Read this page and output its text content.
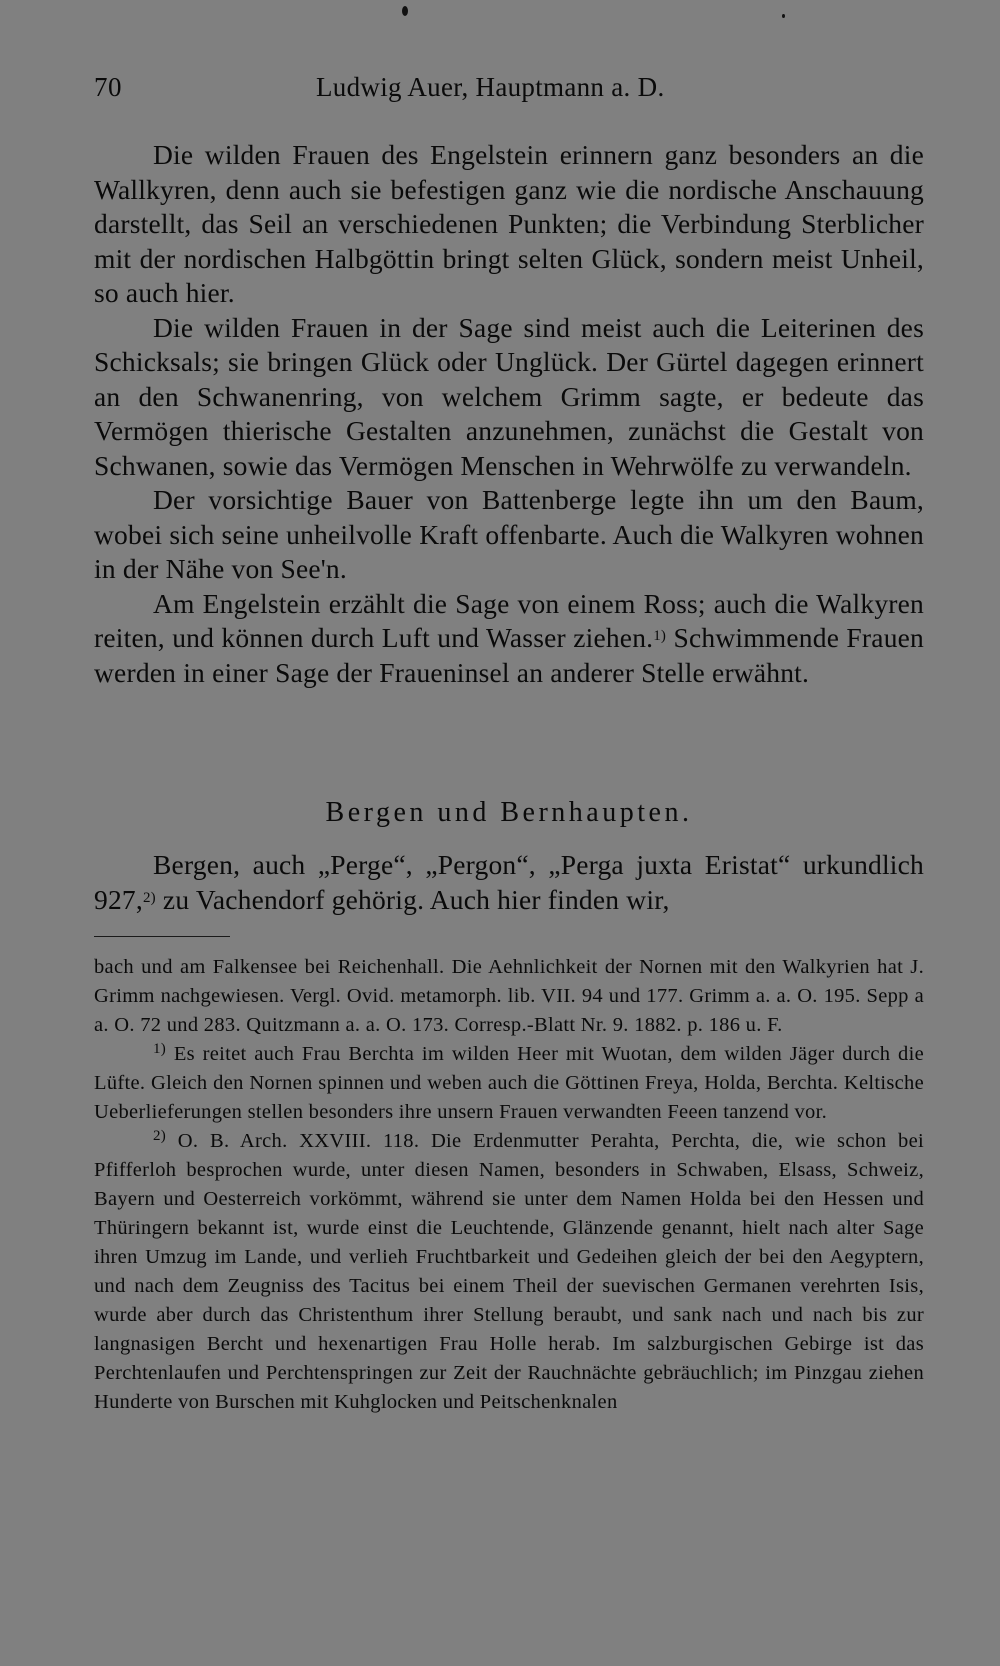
70	Ludwig Auer, Hauptmann a. D.

Die wilden Frauen des Engelstein erinnern ganz besonders an die Wallkyren, denn auch sie befestigen ganz wie die nordische Anschauung darstellt, das Seil an verschiedenen Punkten; die Verbindung Sterblicher mit der nordischen Halbgöttin bringt selten Glück, sondern meist Unheil, so auch hier.

Die wilden Frauen in der Sage sind meist auch die Leiterinen des Schicksals; sie bringen Glück oder Unglück. Der Gürtel dagegen erinnert an den Schwanenring, von welchem Grimm sagte, er bedeute das Vermögen thierische Gestalten anzunehmen, zunächst die Gestalt von Schwanen, sowie das Vermögen Menschen in Wehrwölfe zu verwandeln.

Der vorsichtige Bauer von Battenberge legte ihn um den Baum, wobei sich seine unheilvolle Kraft offenbarte. Auch die Walkyren wohnen in der Nähe von See'n.

Am Engelstein erzählt die Sage von einem Ross; auch die Walkyren reiten, und können durch Luft und Wasser ziehen.$^{1)}$ Schwimmende Frauen werden in einer Sage der Fraueninsel an anderer Stelle erwähnt.

Bergen und Bernhaupten.

Bergen, auch „Perge“, „Pergon“, „Perga juxta Eristat“ urkundlich 927,$^{2)}$ zu Vachendorf gehörig. Auch hier finden wir,

bach und am Falkensee bei Reichenhall. Die Aehnlichkeit der Nornen mit den Walkyrien hat J. Grimm nachgewiesen. Vergl. Ovid. metamorph. lib. VII. 94 und 177. Grimm a. a. O. 195. Sepp a a. O. 72 und 283. Quitzmann a. a. O. 173. Corresp.-Blatt Nr. 9. 1882. p. 186 u. F.

$^{1)}$ Es reitet auch Frau Berchta im wilden Heer mit Wuotan, dem wilden Jäger durch die Lüfte. Gleich den Nornen spinnen und weben auch die Göttinen Freya, Holda, Berchta. Keltische Ueberlieferungen stellen besonders ihre unsern Frauen verwandten Feeen tanzend vor.

$^{2)}$ O. B. Arch. XXVIII. 118. Die Erdenmutter Perahta, Perchta, die, wie schon bei Pfifferloh besprochen wurde, unter diesen Namen, besonders in Schwaben, Elsass, Schweiz, Bayern und Oesterreich vorkömmt, während sie unter dem Namen Holda bei den Hessen und Thüringern bekannt ist, wurde einst die Leuchtende, Glänzende genannt, hielt nach alter Sage ihren Umzug im Lande, und verlieh Fruchtbarkeit und Gedeihen gleich der bei den Aegyptern, und nach dem Zeugniss des Tacitus bei einem Theil der suevischen Germanen verehrten Isis, wurde aber durch das Christenthum ihrer Stellung beraubt, und sank nach und nach bis zur langnasigen Bercht und hexenartigen Frau Holle herab. Im salzburgischen Gebirge ist das Perchtenlaufen und Perchtenspringen zur Zeit der Rauchnächte gebräuchlich; im Pinzgau ziehen Hunderte von Burschen mit Kuhglocken und Peitschenknalen
